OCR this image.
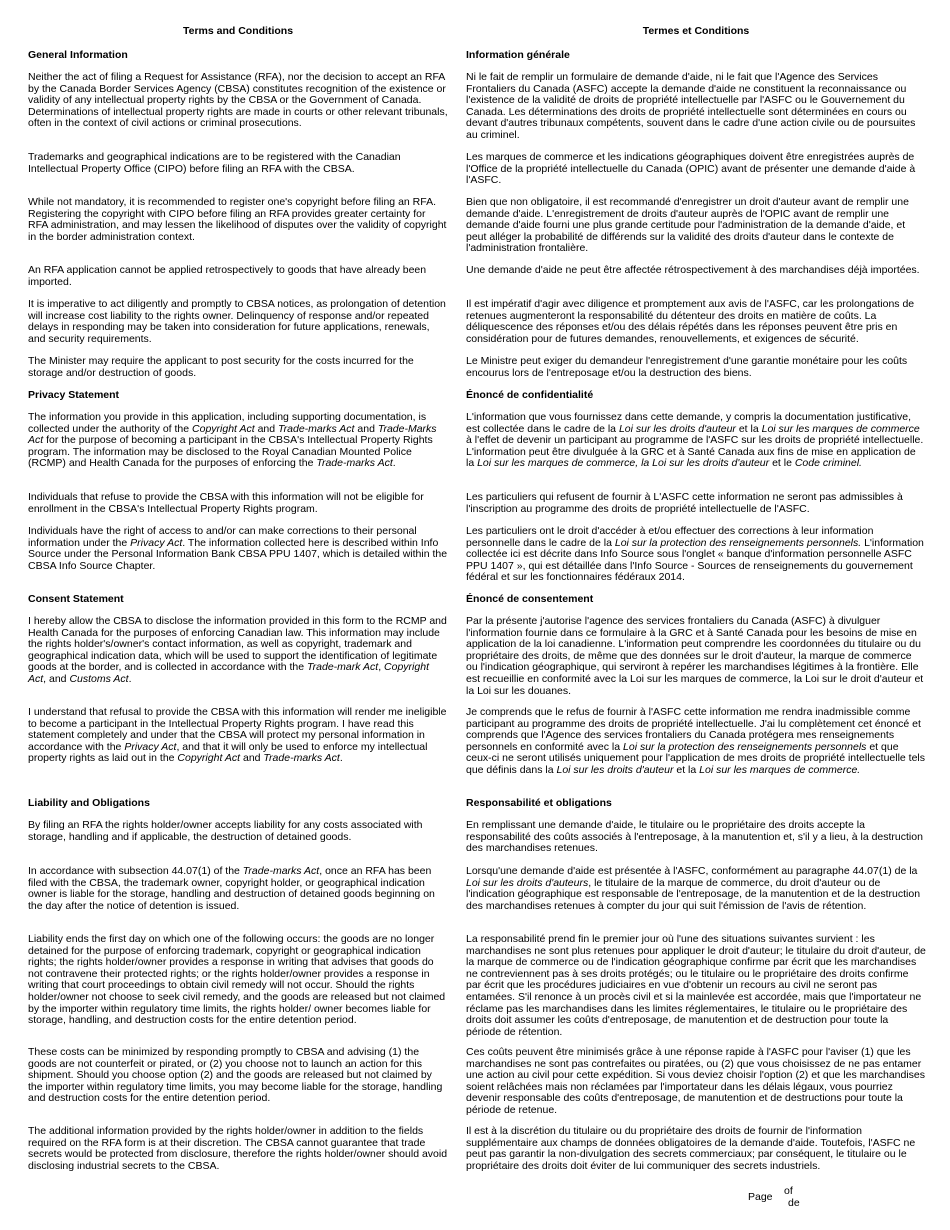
Terms and Conditions
General Information

Neither the act of filing a Request for Assistance (RFA), nor the decision to accept an RFA by the Canada Border Services Agency (CBSA) constitutes recognition of the existence or validity of any intellectual property rights by the CBSA or the Government of Canada. Determinations of intellectual property rights are made in courts or other relevant tribunals, often in the context of civil actions or criminal prosecutions.

Trademarks and geographical indications are to be registered with the Canadian Intellectual Property Office (CIPO) before filing an RFA with the CBSA.

While not mandatory, it is recommended to register one's copyright before filing an RFA. Registering the copyright with CIPO before filing an RFA provides greater certainty for RFA administration, and may lessen the likelihood of disputes over the validity of copyright in the border administration context.

An RFA application cannot be applied retrospectively to goods that have already been imported.

It is imperative to act diligently and promptly to CBSA notices, as prolongation of detention will increase cost liability to the rights owner. Delinquency of response and/or repeated delays in responding may be taken into consideration for future applications, renewals, and security requirements.

The Minister may require the applicant to post security for the costs incurred for the storage and/or destruction of goods.

Privacy Statement

The information you provide in this application, including supporting documentation, is collected under the authority of the Copyright Act and Trade-marks Act and Trade-Marks Act for the purpose of becoming a participant in the CBSA's Intellectual Property Rights program. The information may be disclosed to the Royal Canadian Mounted Police (RCMP) and Health Canada for the purposes of enforcing the Trade-marks Act.

Individuals that refuse to provide the CBSA with this information will not be eligible for enrollment in the CBSA's Intellectual Property Rights program.

Individuals have the right of access to and/or can make corrections to their personal information under the Privacy Act. The information collected here is described within Info Source under the Personal Information Bank CBSA PPU 1407, which is detailed within the CBSA Info Source Chapter.

Consent Statement

I hereby allow the CBSA to disclose the information provided in this form to the RCMP and Health Canada for the purposes of enforcing Canadian law. This information may include the rights holder's/owner's contact information, as well as copyright, trademark and geographical indication data, which will be used to support the identification of legitimate goods at the border, and is collected in accordance with the Trade-mark Act, Copyright Act, and Customs Act.

I understand that refusal to provide the CBSA with this information will render me ineligible to become a participant in the Intellectual Property Rights program. I have read this statement completely and under that the CBSA will protect my personal information in accordance with the Privacy Act, and that it will only be used to enforce my intellectual property rights as laid out in the Copyright Act and Trade-marks Act.

Liability and Obligations

By filing an RFA the rights holder/owner accepts liability for any costs associated with storage, handling and if applicable, the destruction of detained goods.

In accordance with subsection 44.07(1) of the Trade-marks Act, once an RFA has been filed with the CBSA, the trademark owner, copyright holder, or geographical indication owner is liable for the storage, handling and destruction of detained goods beginning on the day after the notice of detention is issued.

Liability ends the first day on which one of the following occurs: the goods are no longer detained for the purpose of enforcing trademark, copyright or geographical indication rights; the rights holder/owner provides a response in writing that advises that goods do not contravene their protected rights; or the rights holder/owner provides a response in writing that court proceedings to obtain civil remedy will not occur. Should the rights holder/owner not choose to seek civil remedy, and the goods are released but not claimed by the importer within regulatory time limits, the rights holder/ owner becomes liable for storage, handling, and destruction costs for the entire detention period.

These costs can be minimized by responding promptly to CBSA and advising (1) the goods are not counterfeit or pirated, or (2) you choose not to launch an action for this shipment. Should you choose option (2) and the goods are released but not claimed by the importer within regulatory time limits, you may become liable for the storage, handling and destruction costs for the entire detention period.

The additional information provided by the rights holder/owner in addition to the fields required on the RFA form is at their discretion. The CBSA cannot guarantee that trade secrets would be protected from disclosure, therefore the rights holder/owner should avoid disclosing industrial secrets to the CBSA.

Termes et Conditions
Information générale

Ni le fait de remplir un formulaire de demande d'aide, ni le fait que l'Agence des Services Frontaliers du Canada (ASFC) accepte la demande d'aide ne constituent la reconnaissance ou l'existence de la validité de droits de propriété intellectuelle par l'ASFC ou le Gouvernement du Canada. Les déterminations des droits de propriété intellectuelle sont déterminées en cours ou devant d'autres tribunaux compétents, souvent dans le cadre d'une action civile ou de poursuites au criminel.

Les marques de commerce et les indications géographiques doivent être enregistrées auprès de l'Office de la propriété intellectuelle du Canada (OPIC) avant de présenter une demande d'aide à l'ASFC.

Bien que non obligatoire, il est recommandé d'enregistrer un droit d'auteur avant de remplir une demande d'aide. L'enregistrement de droits d'auteur auprès de l'OPIC avant de remplir une demande d'aide fourni une plus grande certitude pour l'administration de la demande d'aide, et peut alléger la probabilité de différends sur la validité des droits d'auteur dans le contexte de l'administration frontalière.

Une demande d'aide ne peut être affectée rétrospectivement à des marchandises déjà importées.

Il est impératif d'agir avec diligence et promptement aux avis de l'ASFC, car les prolongations de retenues augmenteront la responsabilité du détenteur des droits en matière de coûts. La déliquescence des réponses et/ou des délais répétés dans les réponses peuvent être pris en considération pour de futures demandes, renouvellements, et exigences de sécurité.

Le Ministre peut exiger du demandeur l'enregistrement d'une garantie monétaire pour les coûts encourus lors de l'entreposage et/ou la destruction des biens.

Énoncé de confidentialité

L'information que vous fournissez dans cette demande, y compris la documentation justificative, est collectée dans le cadre de la Loi sur les droits d'auteur et la Loi sur les marques de commerce à l'effet de devenir un participant au programme de l'ASFC sur les droits de propriété intellectuelle. L'information peut être divulguée à la GRC et à Santé Canada aux fins de mise en application de la Loi sur les marques de commerce, la Loi sur les droits d'auteur et le Code criminel.

Les particuliers qui refusent de fournir à L'ASFC cette information ne seront pas admissibles à l'inscription au programme des droits de propriété intellectuelle de l'ASFC.

Les particuliers ont le droit d'accéder à et/ou effectuer des corrections à leur information personnelle dans le cadre de la Loi sur la protection des renseignements personnels. L'information collectée ici est décrite dans Info Source sous l'onglet « banque d'information personnelle ASFC PPU 1407 », qui est détaillée dans l'Info Source - Sources de renseignements du gouvernement fédéral et sur les fonctionnaires fédéraux 2014.

Énoncé de consentement

Par la présente j'autorise l'agence des services frontaliers du Canada (ASFC) à divulguer l'information fournie dans ce formulaire à la GRC et à Santé Canada pour les besoins de mise en application de la loi canadienne. L'information peut comprendre les coordonnées du titulaire ou du propriétaire des droits, de même que des données sur le droit d'auteur, la marque de commerce ou l'indication géographique, qui serviront à repérer les marchandises légitimes à la frontière. Elle est recueillie en conformité avec la Loi sur les marques de commerce, la Loi sur le droit d'auteur et la Loi sur les douanes.

Je comprends que le refus de fournir à l'ASFC cette information me rendra inadmissible comme participant au programme des droits de propriété intellectuelle. J'ai lu complètement cet énoncé et comprends que l'Agence des services frontaliers du Canada protégera mes renseignements personnels en conformité avec la Loi sur la protection des renseignements personnels et que ceux-ci ne seront utilisés uniquement pour l'application de mes droits de propriété intellectuelle tels que définis dans la Loi sur les droits d'auteur et la Loi sur les marques de commerce.

Responsabilité et obligations

En remplissant une demande d'aide, le titulaire ou le propriétaire des droits accepte la responsabilité des coûts associés à l'entreposage, à la manutention et, s'il y a lieu, à la destruction des marchandises retenues.

Lorsqu'une demande d'aide est présentée à l'ASFC, conformément au paragraphe 44.07(1) de la Loi sur les droits d'auteurs, le titulaire de la marque de commerce, du droit d'auteur ou de l'indication géographique est responsable de l'entreposage, de la manutention et de la destruction des marchandises retenues à compter du jour qui suit l'émission de l'avis de rétention.

La responsabilité prend fin le premier jour où l'une des situations suivantes survient : les marchandises ne sont plus retenues pour appliquer le droit d'auteur; le titulaire du droit d'auteur, de la marque de commerce ou de l'indication géographique confirme par écrit que les marchandises ne contreviennent pas à ses droits protégés; ou le titulaire ou le propriétaire des droits confirme par écrit que les procédures judiciaires en vue d'obtenir un recours au civil ne seront pas entamées. S'il renonce à un procès civil et si la mainlevée est accordée, mais que l'importateur ne réclame pas les marchandises dans les limites réglementaires, le titulaire ou le propriétaire des droits doit assumer les coûts d'entreposage, de manutention et de destruction pour toute la période de rétention.

Ces coûts peuvent être minimisés grâce à une réponse rapide à l'ASFC pour l'aviser (1) que les marchandises ne sont pas contrefaites ou piratées, ou (2) que vous choisissez de ne pas entamer une action au civil pour cette expédition. Si vous deviez choisir l'option (2) et que les marchandises soient relâchées mais non réclamées par l'importateur dans les délais légaux, vous pourriez devenir responsable des coûts d'entreposage, de manutention et de destructions pour toute la période de retenue.

Il est à la discrétion du titulaire ou du propriétaire des droits de fournir de l'information supplémentaire aux champs de données obligatoires de la demande d'aide. Toutefois, l'ASFC ne peut pas garantir la non-divulgation des secrets commerciaux; par conséquent, le titulaire ou le propriétaire des droits doit éviter de lui communiquer des secrets industriels.

Page of
de
